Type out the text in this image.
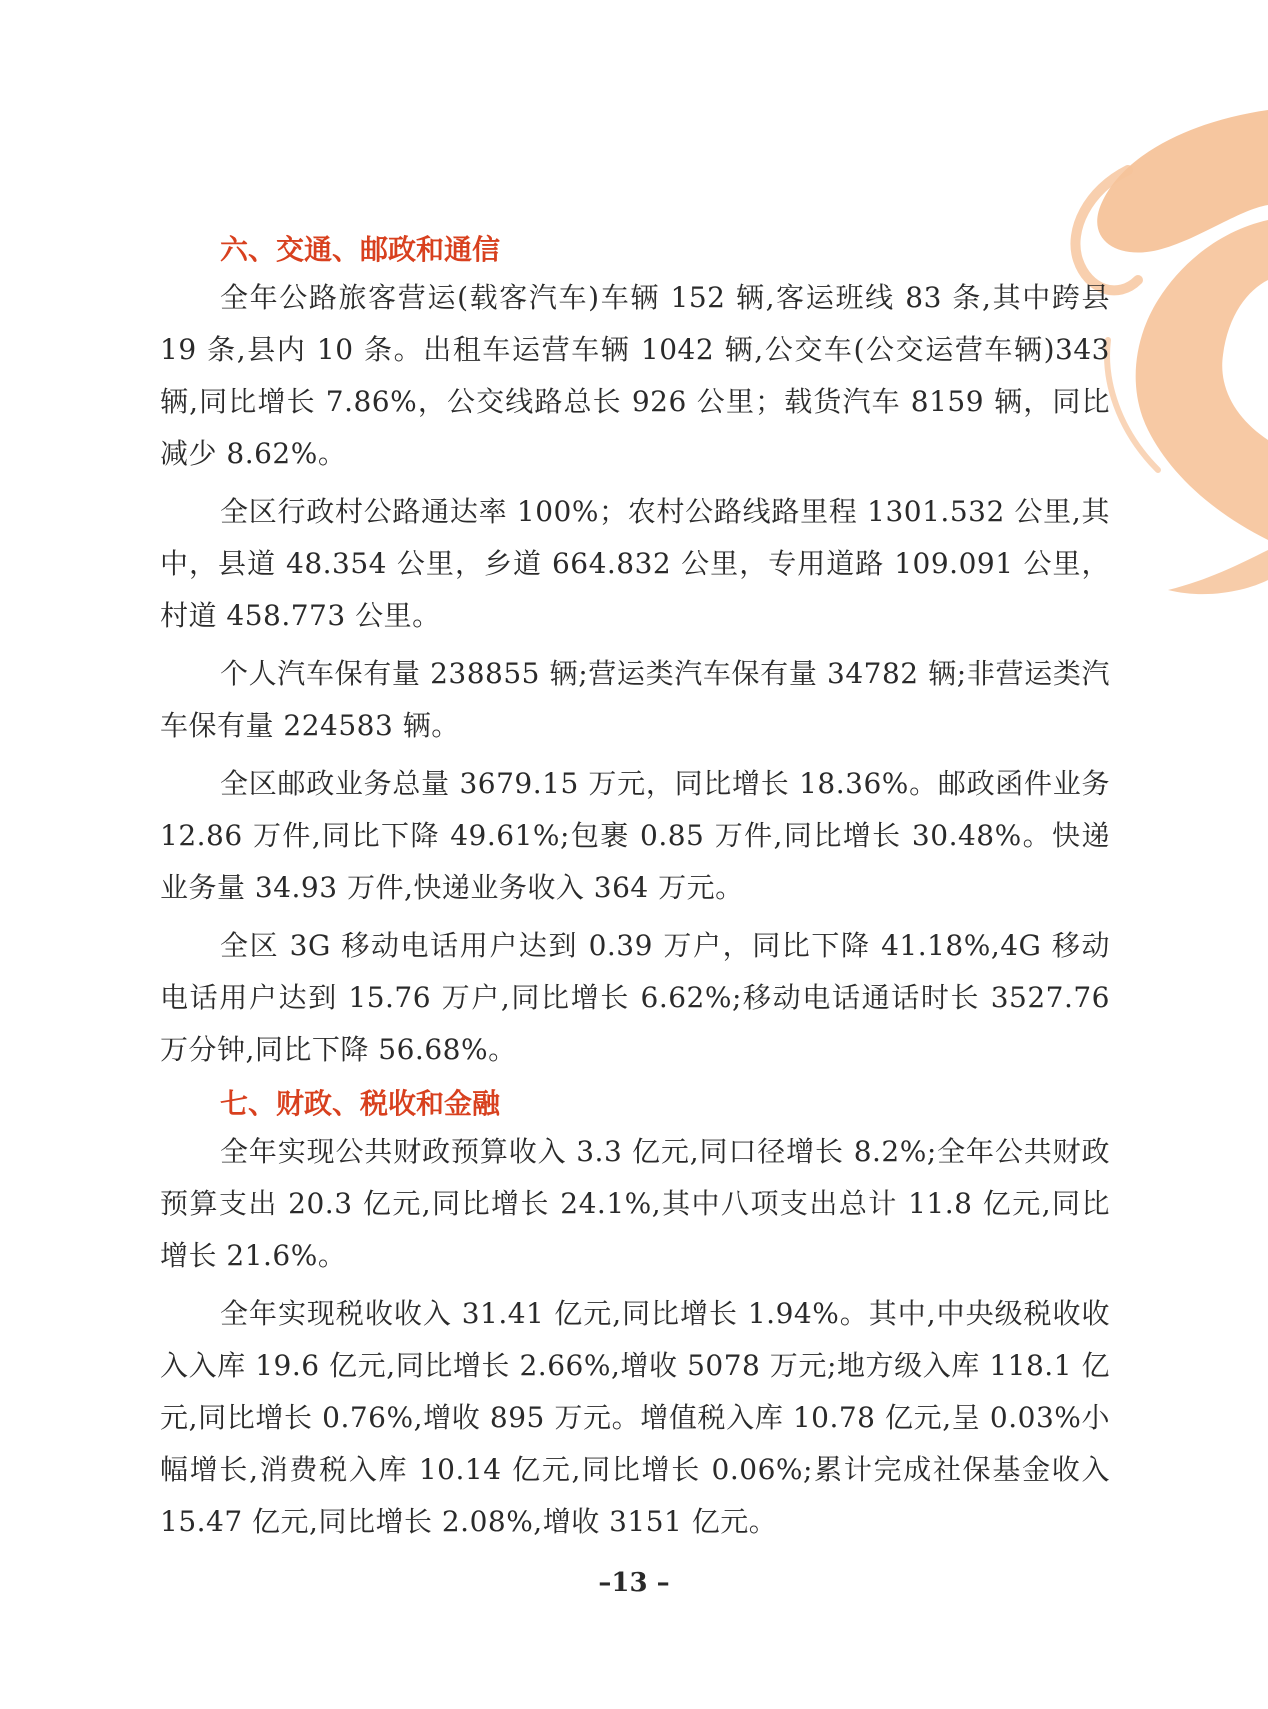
六、交通、邮政和通信

全年公路旅客营运(载客汽车)车辆 152 辆,客运班线 83 条,其中跨县 19 条,县内 10 条。出租车运营车辆 1042 辆,公交车(公交运营车辆)343 辆,同比增长 7.86%，公交线路总长 926 公里；载货汽车 8159 辆，同比减少 8.62%。

全区行政村公路通达率 100%；农村公路线路里程 1301.532 公里,其中，县道 48.354 公里，乡道 664.832 公里，专用道路 109.091 公里，村道 458.773 公里。

个人汽车保有量 238855 辆;营运类汽车保有量 34782 辆;非营运类汽车保有量 224583 辆。

全区邮政业务总量 3679.15 万元，同比增长 18.36%。邮政函件业务 12.86 万件,同比下降 49.61%;包裹 0.85 万件,同比增长 30.48%。快递业务量 34.93 万件,快递业务收入 364 万元。

全区 3G 移动电话用户达到 0.39 万户，同比下降 41.18%,4G 移动电话用户达到 15.76 万户,同比增长 6.62%;移动电话通话时长 3527.76 万分钟,同比下降 56.68%。

七、财政、税收和金融

全年实现公共财政预算收入 3.3 亿元,同口径增长 8.2%;全年公共财政预算支出 20.3 亿元,同比增长 24.1%,其中八项支出总计 11.8 亿元,同比增长 21.6%。

全年实现税收收入 31.41 亿元,同比增长 1.94%。其中,中央级税收收入入库 19.6 亿元,同比增长 2.66%,增收 5078 万元;地方级入库 118.1 亿元,同比增长 0.76%,增收 895 万元。增值税入库 10.78 亿元,呈 0.03%小幅增长,消费税入库 10.14 亿元,同比增长 0.06%;累计完成社保基金收入 15.47 亿元,同比增长 2.08%,增收 3151 亿元。

–13 –
